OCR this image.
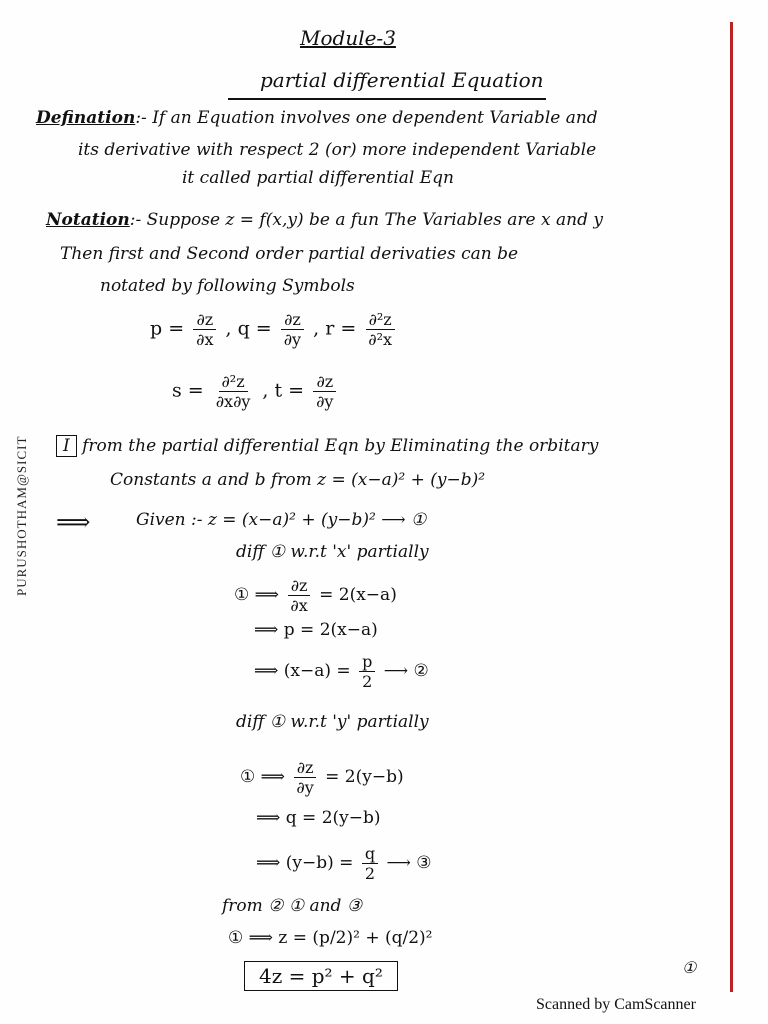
PURUSHOTHAM@SICIT
Module-3
partial differential Equation
Defination:- If an Equation involves one dependent Variable and
its derivative with respect 2 (or) more independent Variable
it called partial differential Eqn
Notation:- Suppose z = f(x,y) be a fun The Variables are x and y
Then first and Second order partial derivaties can be
notated by following Symbols
$p = \frac{\partial z}{\partial x}$ , $q = \frac{\partial z}{\partial y}$ , $r = \frac{\text{∂²z}}{\text{∂²x}}$
$s = \frac{\text{∂²z}}{\partial x\partial y}$ , $t = \frac{\partial z}{\partial y}$
I from the partial differential Eqn by Eliminating the orbitary
Constants a and b from z = (x−a)² + (y−b)²
⟹	Given :- z = (x−a)² + (y−b)² ⟶ ①
diff ① w.r.t 'x' partially
① ⟹ $\frac{\partial z}{\partial x} = 2(x-a)$
⟹ p = 2(x−a)
⟹ $(x-a) = \frac{p}{2}$ ⟶ ②
diff ① w.r.t 'y' partially
① ⟹ $\frac{\partial z}{\partial y} = 2(y-b)$
⟹ q = 2(y−b)
⟹ $(y-b) = \frac{q}{2}$ ⟶ ③
from ② ① and ③
① ⟹ z = (p/2)² + (q/2)²
4z = p² + q²	①
Scanned by CamScanner
